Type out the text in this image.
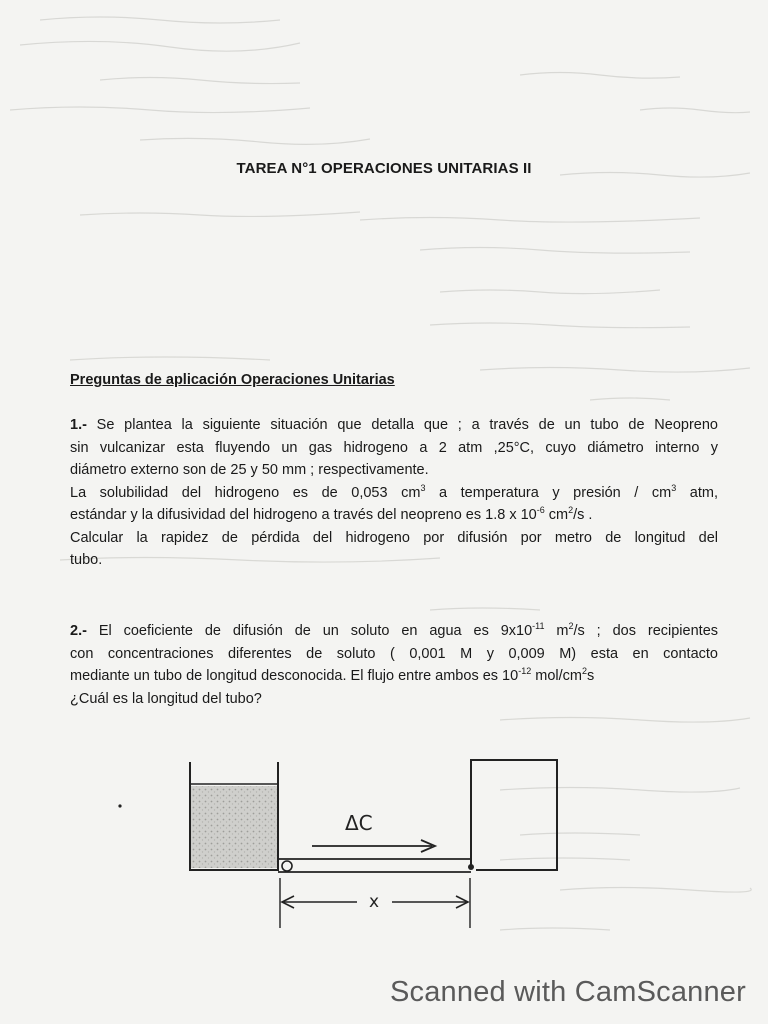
TAREA N°1 OPERACIONES UNITARIAS II
Preguntas de aplicación Operaciones Unitarias
1.- Se plantea la siguiente situación que detalla que ; a través de un tubo de Neopreno
sin vulcanizar esta fluyendo un gas hidrogeno a 2 atm ,25°C, cuyo diámetro interno y
diámetro externo son de 25 y 50 mm ; respectivamente.
La solubilidad del hidrogeno es de 0,053 $cm^3$ a temperatura y presión / $cm^3$ atm,
estándar y la difusividad del hidrogeno a través del neopreno es 1.8 x $10^{-6}$ $cm^2/s$ .
Calcular la rapidez de pérdida del hidrogeno por difusión por metro de longitud del
tubo.
2.- El coeficiente de difusión de un soluto en agua es $9x10^{-11}$ $m^2/s$ ; dos recipientes
con concentraciones diferentes de soluto ( 0,001 M y 0,009 M) esta en contacto
mediante un tubo de longitud desconocida. El flujo entre ambos es $10^{-12}$ mol/$cm^2s$
¿Cuál es la longitud del tubo?
ΔC
x
Scanned with CamScanner
